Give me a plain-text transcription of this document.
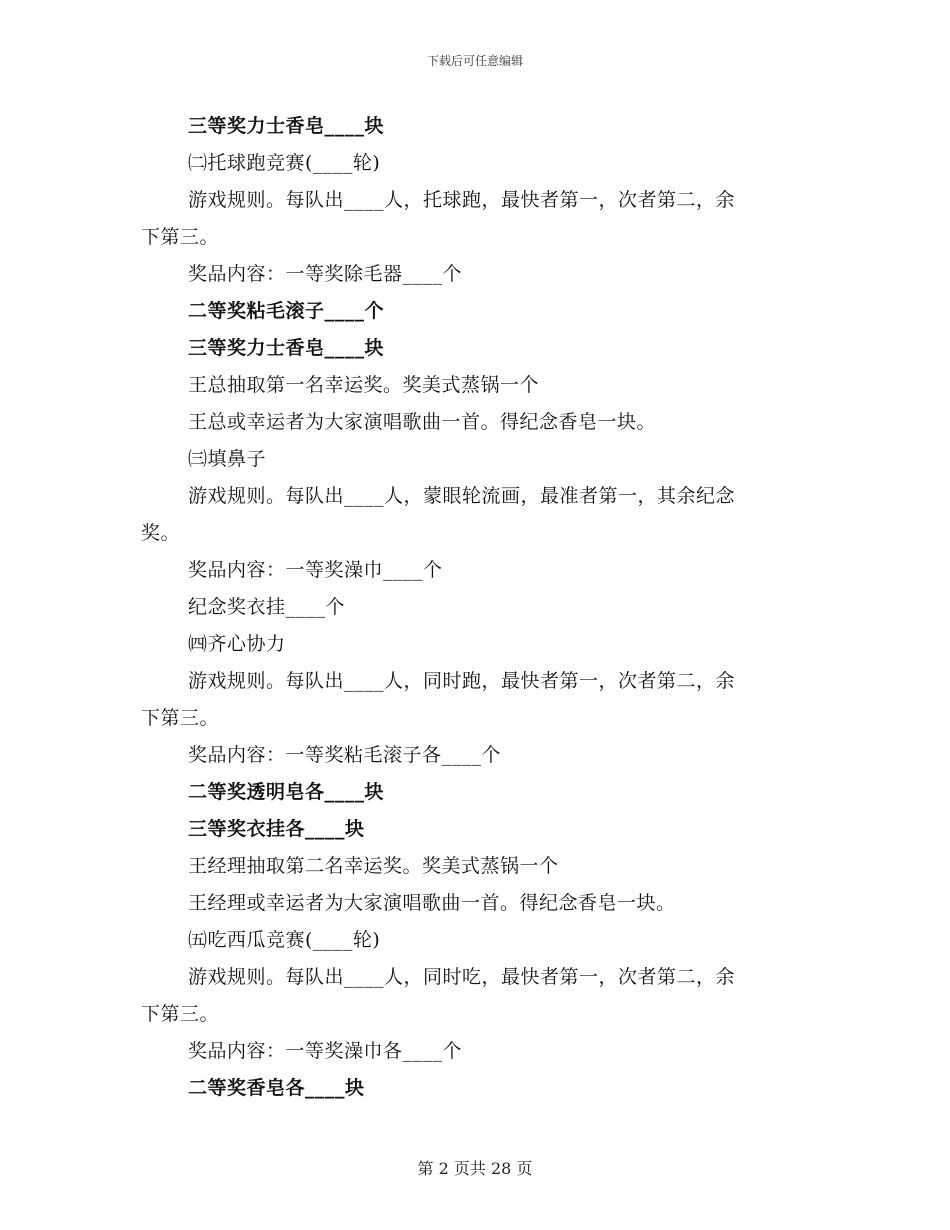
下载后可任意编辑
三等奖力士香皂____块
㈡托球跑竞赛(____轮)
游戏规则。每队出____人，托球跑，最快者第一，次者第二，余
下第三。
奖品内容：一等奖除毛器____个
二等奖粘毛滚子____个
三等奖力士香皂____块
王总抽取第一名幸运奖。奖美式蒸锅一个
王总或幸运者为大家演唱歌曲一首。得纪念香皂一块。
㈢填鼻子
游戏规则。每队出____人，蒙眼轮流画，最准者第一，其余纪念
奖。
奖品内容：一等奖澡巾____个
纪念奖衣挂____个
㈣齐心协力
游戏规则。每队出____人，同时跑，最快者第一，次者第二，余
下第三。
奖品内容：一等奖粘毛滚子各____个
二等奖透明皂各____块
三等奖衣挂各____块
王经理抽取第二名幸运奖。奖美式蒸锅一个
王经理或幸运者为大家演唱歌曲一首。得纪念香皂一块。
㈤吃西瓜竞赛(____轮)
游戏规则。每队出____人，同时吃，最快者第一，次者第二，余
下第三。
奖品内容：一等奖澡巾各____个
二等奖香皂各____块
第 2 页共 28 页
